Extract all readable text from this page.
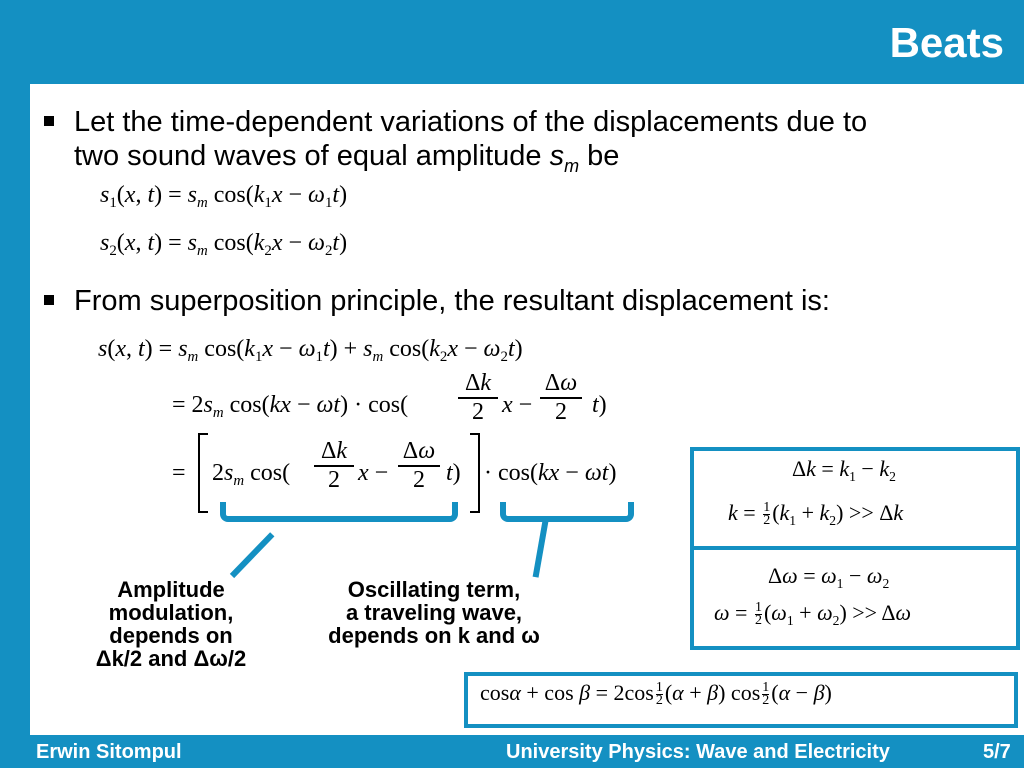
Beats
Let the time-dependent variations of the displacements due to
two sound waves of equal amplitude $s_m$ be
$s_1(x$, $t) = s_m$ $\cos(k_1x - \omega_1t)$
$s_2(x$, $t) = s_m$ $\cos(k_2x - \omega_2t)$
From superposition principle, the resultant displacement is:
s(x, $t) = s_m$ $\cos(k_1x - \omega_1t) + s_m$ $\cos(k_2x - \omega_2t)$
= $2s_m$ cos(kx − ωt) · cos(
Δk
2 x −
Δω
2	t)
= $2s_m$ cos(
Δk
2 x −
Δω
2 t) · cos(kx − ωt)
Amplitude
modulation,
depends on
Δk/2 and Δω/2
Oscillating term,
a traveling wave,
depends on k and ω
$\Delta k = k_1 - k_2$
$k = \frac{1}{2} (k_1 + k_2) >> \Delta k$
$\Delta\omega = \omega_1 - \omega_2$
$\omega = \frac{1}{2} (\omega_1 + \omega_2) >> \Delta\omega$
$\cos\alpha + \cos \beta = 2\cos \frac{1}{2} (\alpha + \beta)$ $\cos \frac{1}{2} (\alpha - \beta)$
Erwin Sitompul	University Physics: Wave and Electricity	5/7
